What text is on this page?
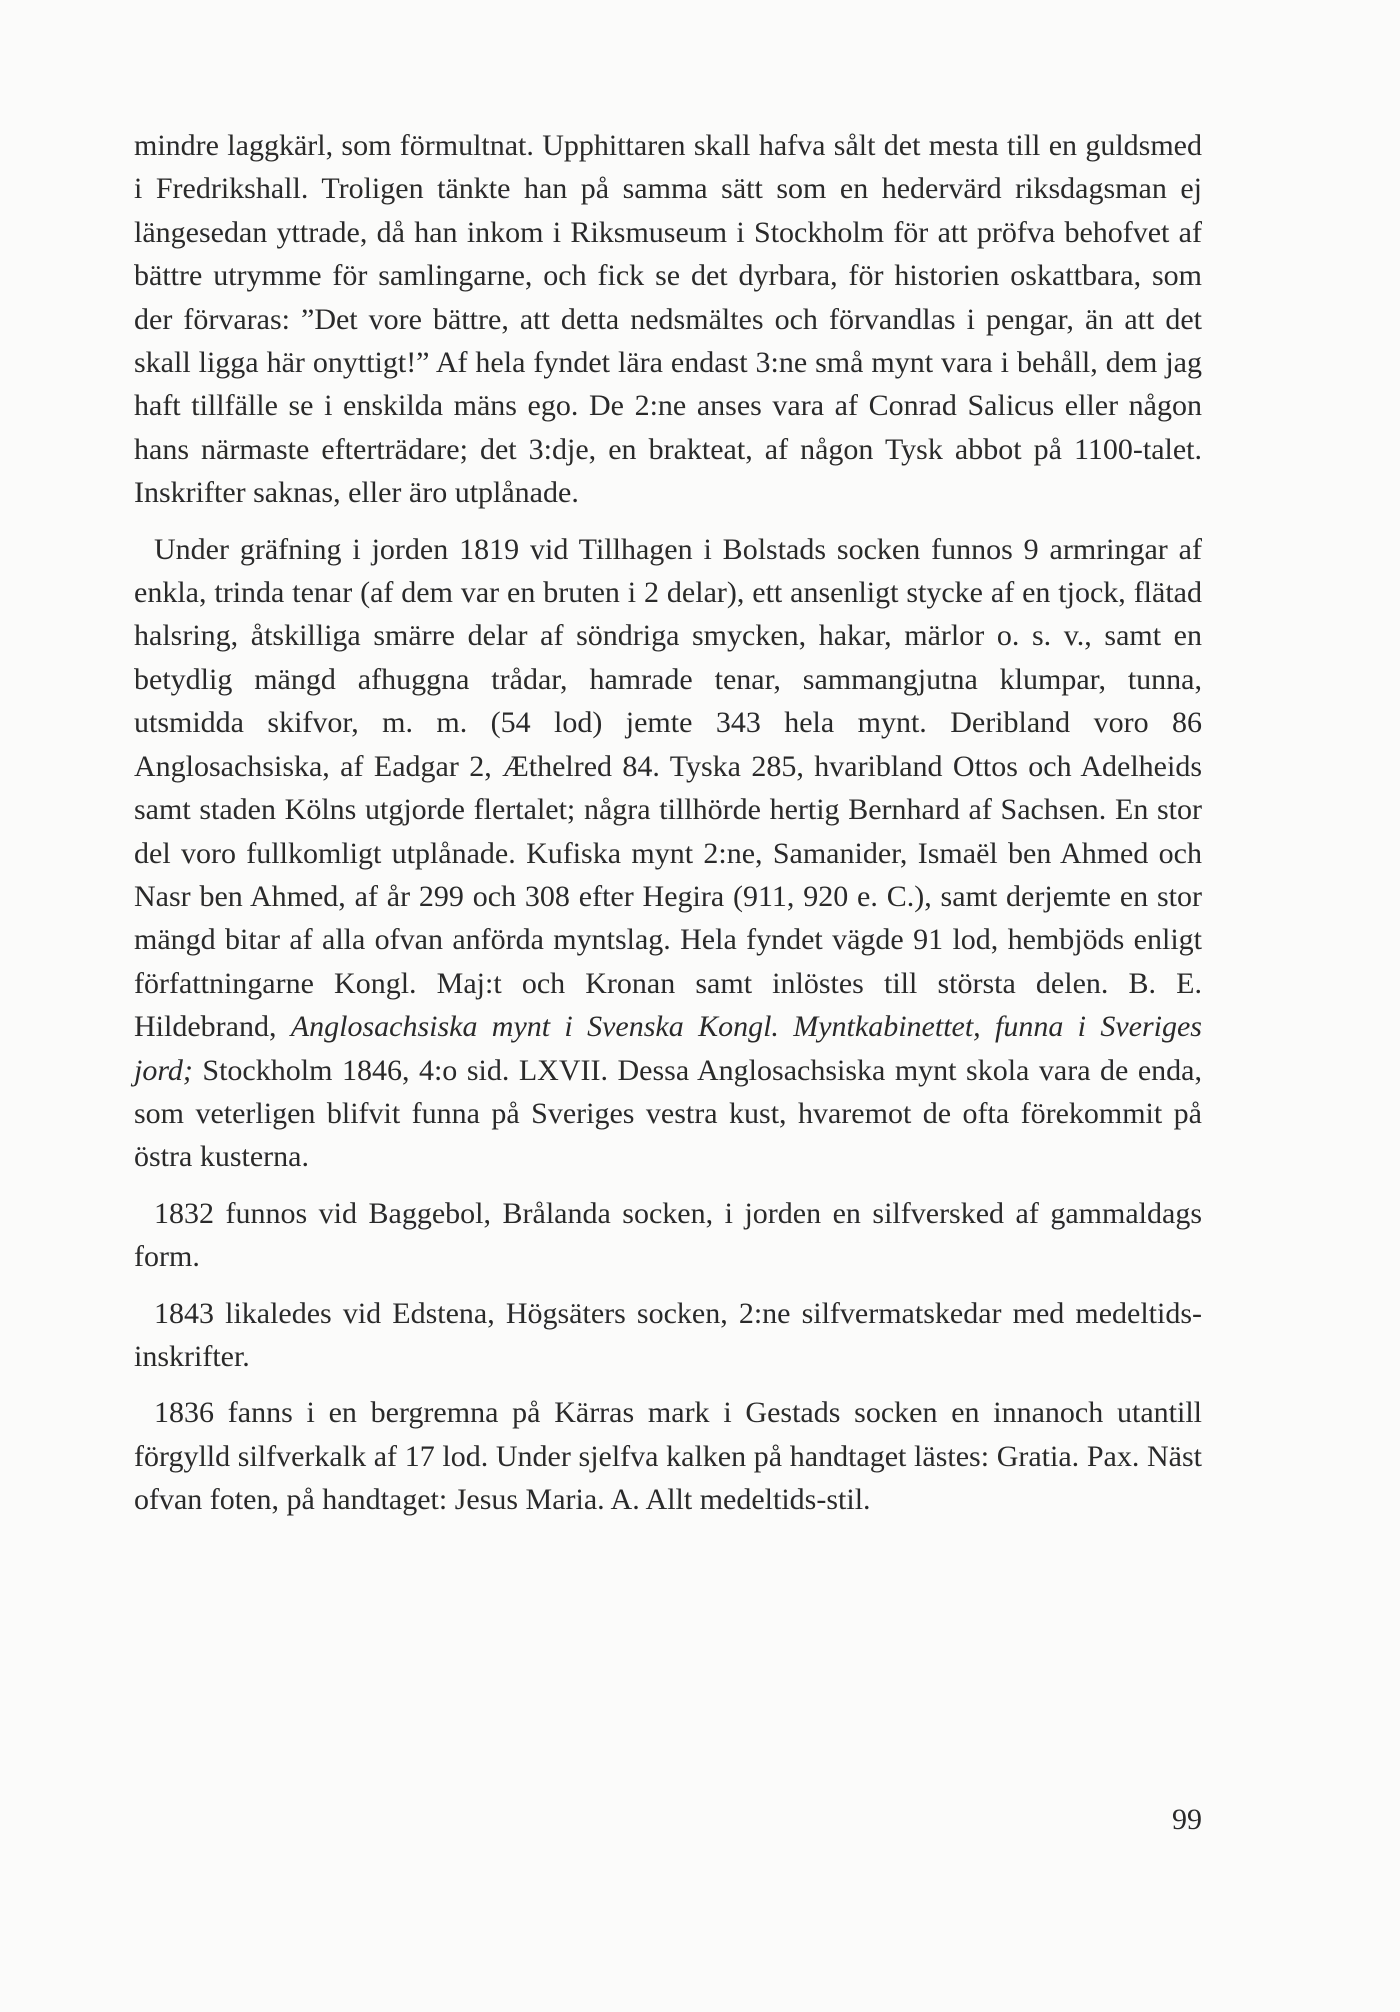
mindre laggkärl, som förmultnat. Upphittaren skall hafva sålt det mesta till en guldsmed i Fredrikshall. Troligen tänkte han på samma sätt som en hedervärd riksdagsman ej längesedan yttrade, då han inkom i Riksmuseum i Stockholm för att pröfva behofvet af bättre utrymme för samlingarne, och fick se det dyrbara, för historien oskattbara, som der förvaras: ”Det vore bättre, att detta nedsmältes och förvandlas i pengar, än att det skall ligga här onyttigt!” Af hela fyndet lära endast 3:ne små mynt vara i behåll, dem jag haft tillfälle se i enskilda mäns ego. De 2:ne anses vara af Conrad Salicus eller någon hans närmaste efterträdare; det 3:dje, en brakteat, af någon Tysk abbot på 1100-talet. Inskrifter saknas, eller äro utplånade.

Under gräfning i jorden 1819 vid Tillhagen i Bolstads socken funnos 9 armringar af enkla, trinda tenar (af dem var en bruten i 2 delar), ett ansenligt stycke af en tjock, flätad halsring, åtskilliga smärre delar af söndriga smycken, hakar, märlor o. s. v., samt en betydlig mängd afhuggna trådar, hamrade tenar, sammangjutna klumpar, tunna, utsmidda skifvor, m. m. (54 lod) jemte 343 hela mynt. Deribland voro 86 Anglosachsiska, af Eadgar 2, Æthelred 84. Tyska 285, hvaribland Ottos och Adelheids samt staden Kölns utgjorde flertalet; några tillhörde hertig Bernhard af Sachsen. En stor del voro fullkomligt utplånade. Kufiska mynt 2:ne, Samanider, Ismaël ben Ahmed och Nasr ben Ahmed, af år 299 och 308 efter Hegira (911, 920 e. C.), samt derjemte en stor mängd bitar af alla ofvan anförda myntslag. Hela fyndet vägde 91 lod, hembjöds enligt författningarne Kongl. Maj:t och Kronan samt inlöstes till största delen. B. E. Hildebrand, Anglosachsiska mynt i Svenska Kongl. Myntkabinettet, funna i Sveriges jord; Stockholm 1846, 4:o sid. LXVII. Dessa Anglosachsiska mynt skola vara de enda, som veterligen blifvit funna på Sveriges vestra kust, hvaremot de ofta förekommit på östra kusterna.

1832 funnos vid Baggebol, Brålanda socken, i jorden en silfversked af gammaldags form.

1843 likaledes vid Edstena, Högsäters socken, 2:ne silfvermatskedar med medeltids-inskrifter.

1836 fanns i en bergremna på Kärras mark i Gestads socken en innanoch utantill förgylld silfverkalk af 17 lod. Under sjelfva kalken på handtaget lästes: Gratia. Pax. Näst ofvan foten, på handtaget: Jesus Maria. A. Allt medeltids-stil.

99
